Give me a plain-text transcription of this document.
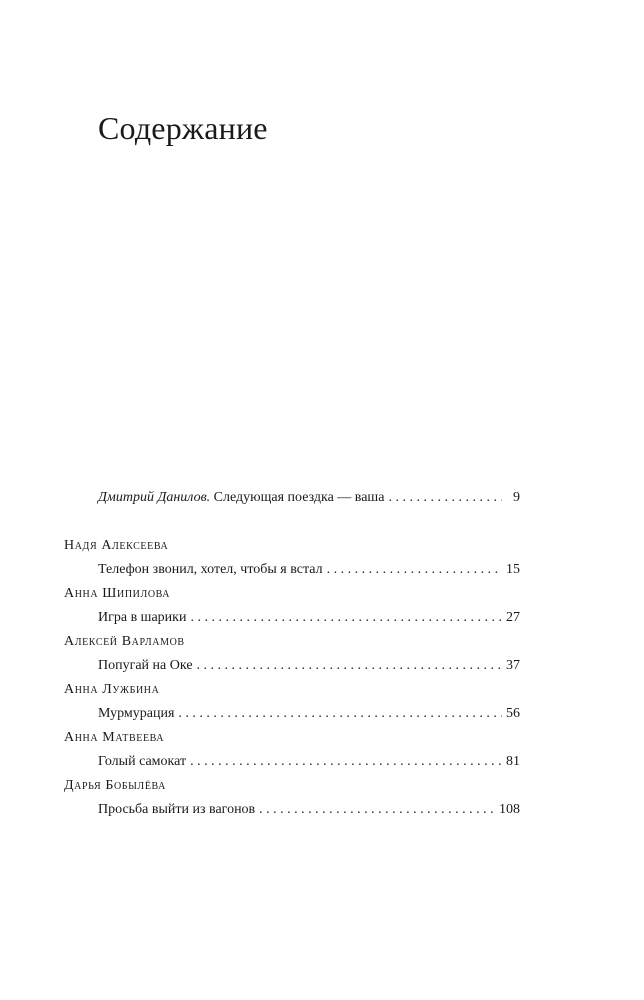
Содержание
Дмитрий Данилов. Следующая поездка — ваша . . .	9
Надя Алексеева
Телефон звонил, хотел, чтобы я встал . . .	15
Анна Шипилова
Игра в шарики . . .	27
Алексей Варламов
Попугай на Оке . . .	37
Анна Лужбина
Мурмурация . . .	56
Анна Матвеева
Голый самокат . . .	81
Дарья Бобылёва
Просьба выйти из вагонов . . .	108
